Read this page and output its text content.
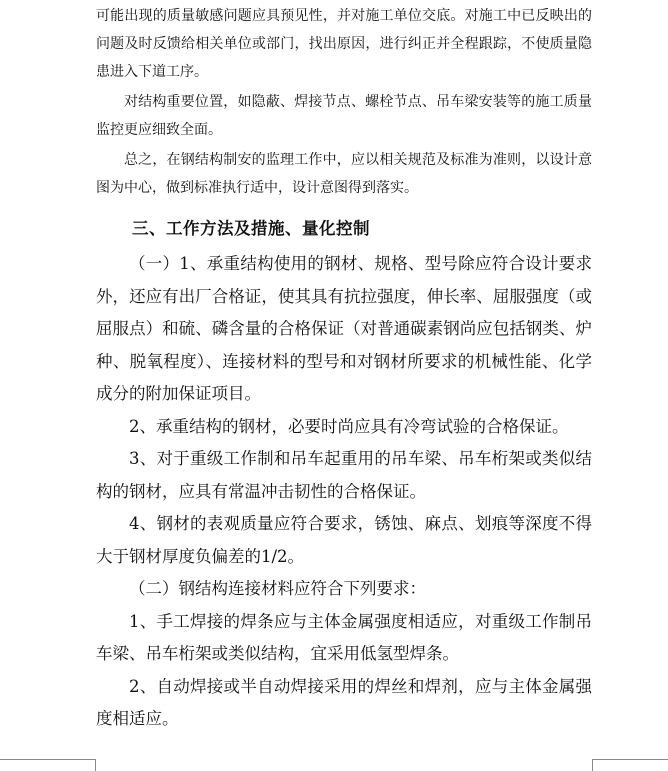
可能出现的质量敏感问题应具预见性，并对施工单位交底。对施工中已反映出的问题及时反馈给相关单位或部门，找出原因，进行纠正并全程跟踪，不使质量隐患进入下道工序。

对结构重要位置，如隐蔽、焊接节点、螺栓节点、吊车梁安装等的施工质量监控更应细致全面。

总之，在钢结构制安的监理工作中，应以相关规范及标准为准则，以设计意图为中心，做到标准执行适中，设计意图得到落实。

三、工作方法及措施、量化控制

（一）1、承重结构使用的钢材、规格、型号除应符合设计要求外，还应有出厂合格证，使其具有抗拉强度，伸长率、屈服强度（或屈服点）和硫、磷含量的合格保证（对普通碳素钢尚应包括钢类、炉种、脱氧程度）、连接材料的型号和对钢材所要求的机械性能、化学成分的附加保证项目。

2、承重结构的钢材，必要时尚应具有冷弯试验的合格保证。

3、对于重级工作制和吊车起重用的吊车梁、吊车桁架或类似结构的钢材，应具有常温冲击韧性的合格保证。

4、钢材的表观质量应符合要求，锈蚀、麻点、划痕等深度不得大于钢材厚度负偏差的1/2。

（二）钢结构连接材料应符合下列要求：

1、手工焊接的焊条应与主体金属强度相适应，对重级工作制吊车梁、吊车桁架或类似结构，宜采用低氢型焊条。

2、自动焊接或半自动焊接采用的焊丝和焊剂，应与主体金属强度相适应。
